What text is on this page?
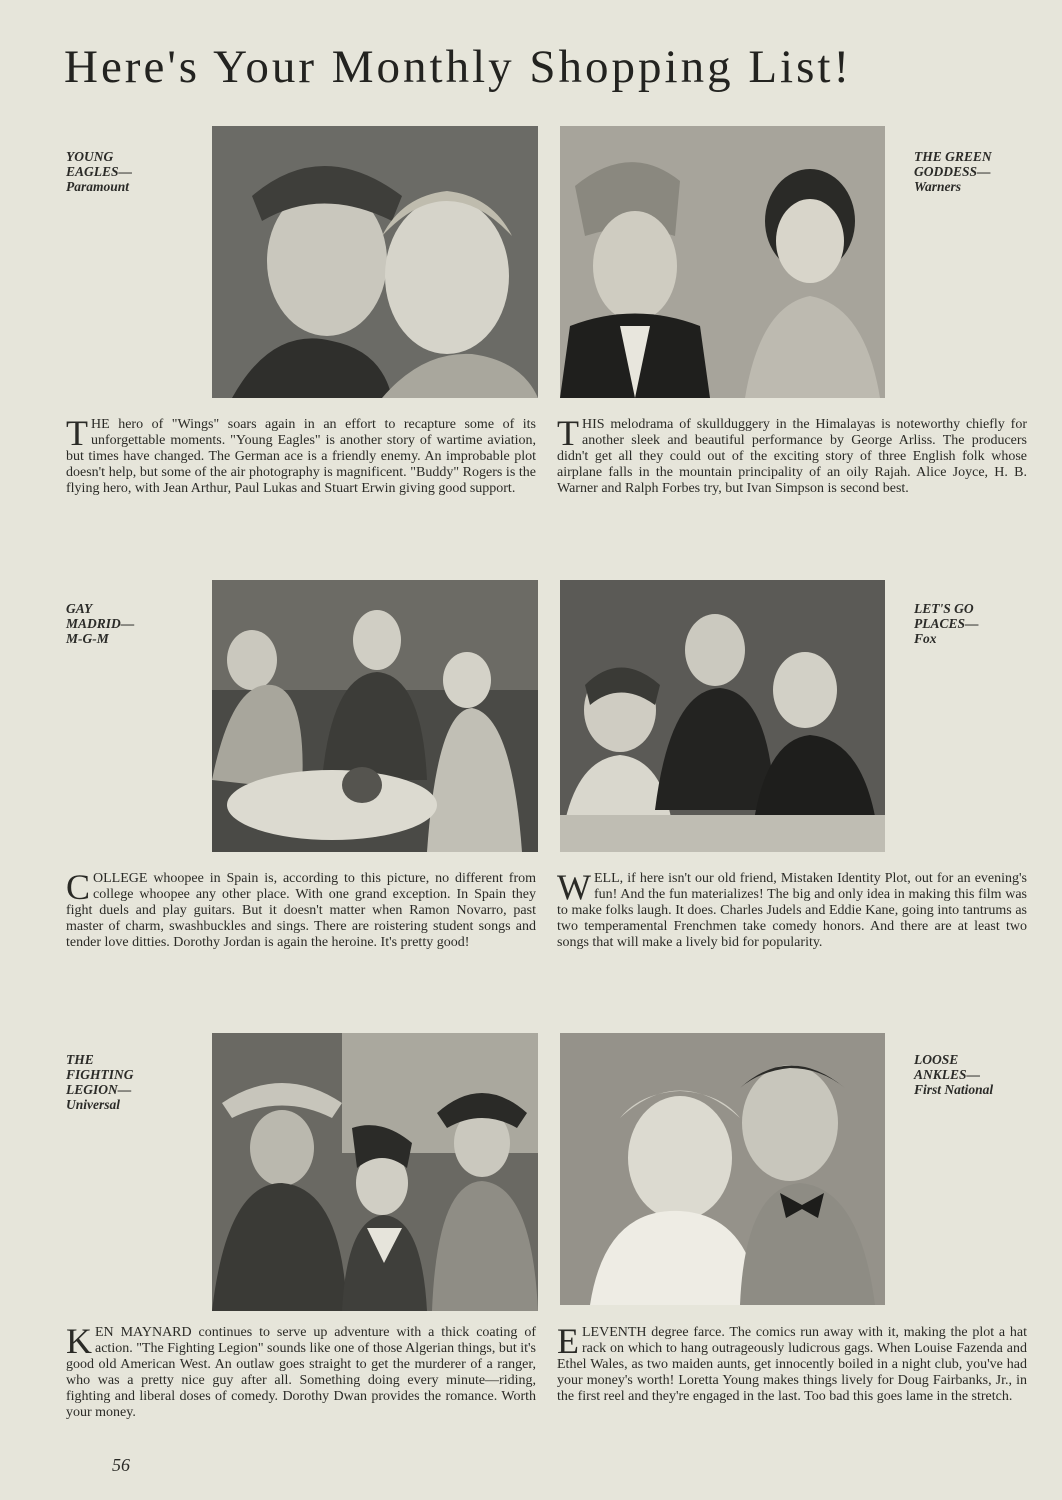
Here's Your Monthly Shopping List!
YOUNG
EAGLES—
Paramount
THE hero of "Wings" soars again in an effort to recapture some of its unforgettable moments. "Young Eagles" is another story of wartime aviation, but times have changed. The German ace is a friendly enemy. An improbable plot doesn't help, but some of the air photography is magnificent. "Buddy" Rogers is the flying hero, with Jean Arthur, Paul Lukas and Stuart Erwin giving good support.
THE GREEN
GODDESS—
Warners
THIS melodrama of skullduggery in the Himalayas is noteworthy chiefly for another sleek and beautiful performance by George Arliss. The producers didn't get all they could out of the exciting story of three English folk whose airplane falls in the mountain principality of an oily Rajah. Alice Joyce, H. B. Warner and Ralph Forbes try, but Ivan Simpson is second best.
GAY
MADRID—
M-G-M
COLLEGE whoopee in Spain is, according to this picture, no different from college whoopee any other place. With one grand exception. In Spain they fight duels and play guitars. But it doesn't matter when Ramon Novarro, past master of charm, swashbuckles and sings. There are roistering student songs and tender love ditties. Dorothy Jordan is again the heroine. It's pretty good!
LET'S GO
PLACES—
Fox
WELL, if here isn't our old friend, Mistaken Identity Plot, out for an evening's fun! And the fun materializes! The big and only idea in making this film was to make folks laugh. It does. Charles Judels and Eddie Kane, going into tantrums as two temperamental Frenchmen take comedy honors. And there are at least two songs that will make a lively bid for popularity.
THE
FIGHTING
LEGION—
Universal
KEN MAYNARD continues to serve up adventure with a thick coating of action. "The Fighting Legion" sounds like one of those Algerian things, but it's good old American West. An outlaw goes straight to get the murderer of a ranger, who was a pretty nice guy after all. Something doing every minute—riding, fighting and liberal doses of comedy. Dorothy Dwan provides the romance. Worth your money.
LOOSE
ANKLES—
First National
ELEVENTH degree farce. The comics run away with it, making the plot a hat rack on which to hang outrageously ludicrous gags. When Louise Fazenda and Ethel Wales, as two maiden aunts, get innocently boiled in a night club, you've had your money's worth! Loretta Young makes things lively for Doug Fairbanks, Jr., in the first reel and they're engaged in the last. Too bad this goes lame in the stretch.
56
